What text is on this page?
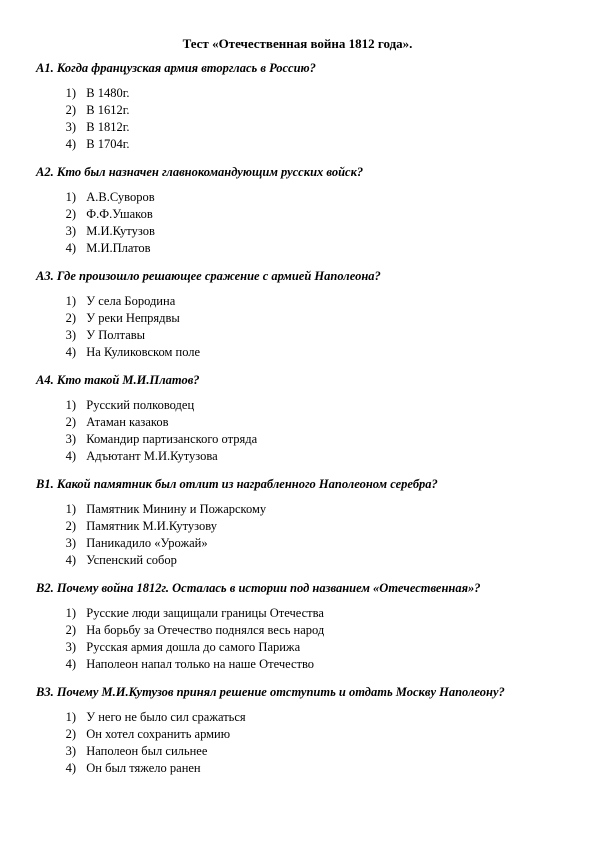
Тест «Отечественная война 1812 года».

А1. Когда французская армия вторглась в Россию?

1)
В 1480г.
2)
В 1612г.
3)
В 1812г.
4)
В 1704г.

А2. Кто был назначен главнокомандующим русских войск?

1)
А.В.Суворов
2)
Ф.Ф.Ушаков
3)
М.И.Кутузов
4)
М.И.Платов

А3. Где произошло решающее сражение с армией Наполеона?

1)
У села Бородина
2)
У реки Непрядвы
3)
У Полтавы
4)
На Куликовском поле

А4. Кто такой М.И.Платов?

1)
Русский полководец
2)
Атаман казаков
3)
Командир партизанского отряда
4)
Адъютант М.И.Кутузова

В1. Какой памятник был отлит из награбленного Наполеоном серебра?

1)
Памятник Минину и Пожарскому
2)
Памятник М.И.Кутузову
3)
Паникадило «Урожай»
4)
Успенский собор

В2. Почему война 1812г. Осталась в истории под названием «Отечественная»?

1)
Русские люди защищали границы Отечества
2)
На борьбу за Отечество поднялся весь народ
3)
Русская армия дошла до самого Парижа
4)
Наполеон напал только на наше Отечество

В3. Почему М.И.Кутузов принял решение отступить и отдать Москву Наполеону?

1)
У него не было сил сражаться
2)
Он хотел сохранить армию
3)
Наполеон был сильнее
4)
Он был тяжело ранен
